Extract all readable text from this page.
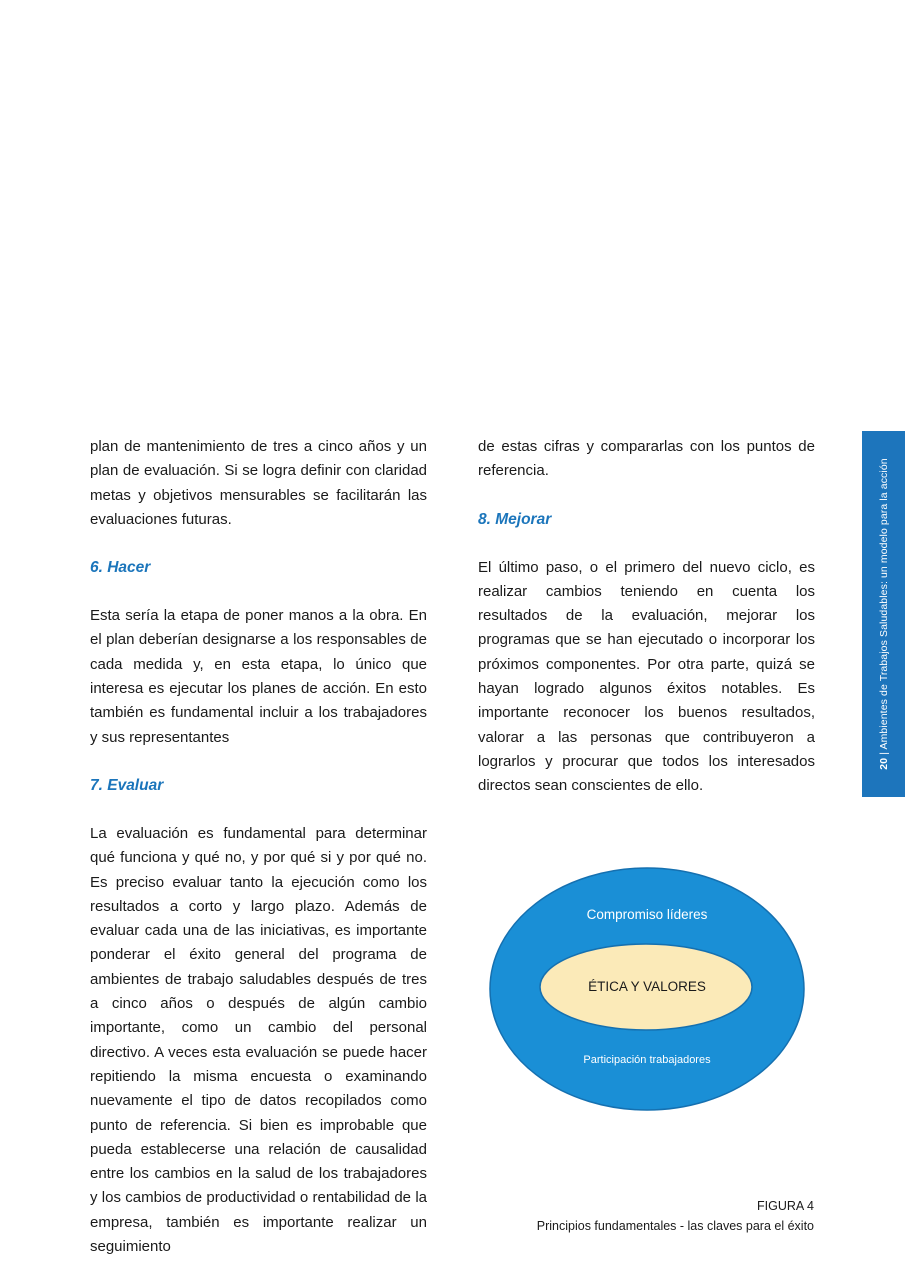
plan de mantenimiento de tres a cinco años y un plan de evaluación. Si se logra definir con claridad metas y objetivos mensurables se facilitarán las evaluaciones futuras.

6. Hacer

Esta sería la etapa de poner manos a la obra. En el plan deberían designarse a los responsables de cada medida y, en esta etapa, lo único que interesa es ejecutar los planes de acción. En esto también es fundamental incluir a los trabajadores y sus representantes

7. Evaluar

La evaluación es fundamental para determinar qué funciona y qué no, y por qué si y por qué no. Es preciso evaluar tanto la ejecución como los resultados a corto y largo plazo. Además de evaluar cada una de las iniciativas, es importante ponderar el éxito general del programa de ambientes de trabajo saludables después de tres a cinco años o después de algún cambio importante, como un cambio del personal directivo. A veces esta evaluación se puede hacer repitiendo la misma encuesta o examinando nuevamente el tipo de datos recopilados como punto de referencia. Si bien es improbable que pueda establecerse una relación de causalidad entre los cambios en la salud de los trabajadores y los cambios de productividad o rentabilidad de la empresa, también es importante realizar un seguimiento

de estas cifras y compararlas con los puntos de referencia.

8. Mejorar

El último paso, o el primero del nuevo ciclo, es realizar cambios teniendo en cuenta los resultados de la evaluación, mejorar los programas que se han ejecutado o incorporar los próximos componentes. Por otra parte, quizá se hayan logrado algunos éxitos notables. Es importante reconocer los buenos resultados, valorar a las personas que contribuyeron a lograrlos y procurar que todos los interesados directos sean conscientes de ello.

Compromiso líderes
ÉTICA Y VALORES
Participación trabajadores
FIGURA 4
Principios fundamentales - las claves para el éxito
20 | Ambientes de Trabajos Saludables: un modelo para la acción
